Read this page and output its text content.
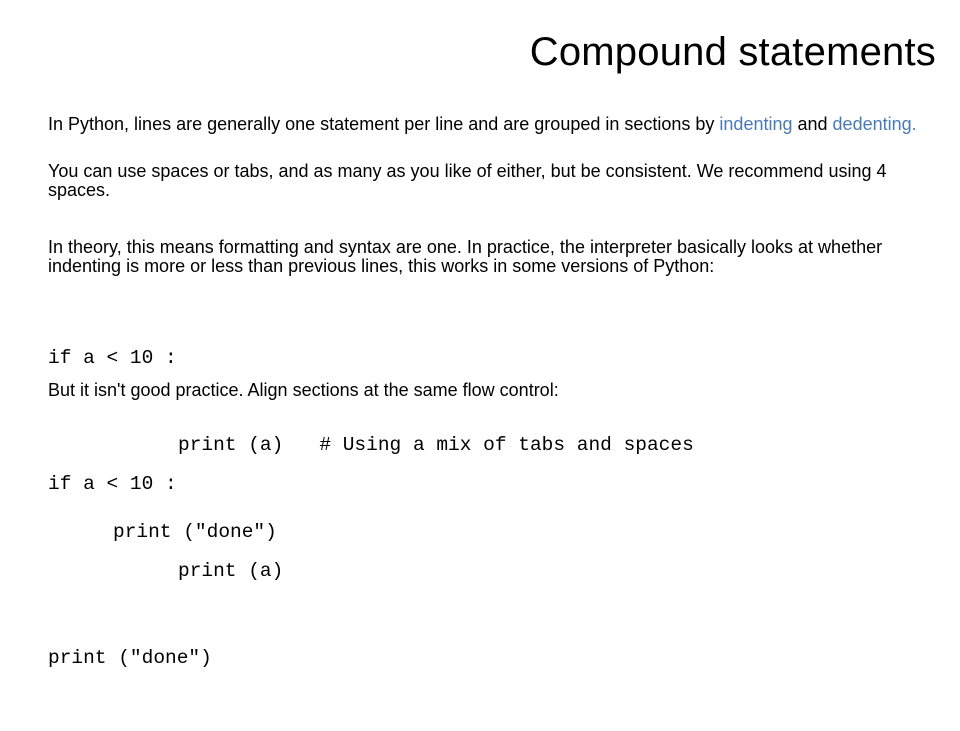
Compound statements
In Python, lines are generally one statement per line and are grouped in sections by indenting and dedenting.
You can use spaces or tabs, and as many as you like of either, but be consistent. We recommend using 4 spaces.
In theory, this means formatting and syntax are one. In practice, the interpreter basically looks at whether indenting is more or less than previous lines, this works in some versions of Python:

if a < 10 :

print (a) # Using a mix of tabs and spaces

print ("done")

But it isn't good practice. Align sections at the same flow control:

if a < 10 :

print (a)

print ("done")
